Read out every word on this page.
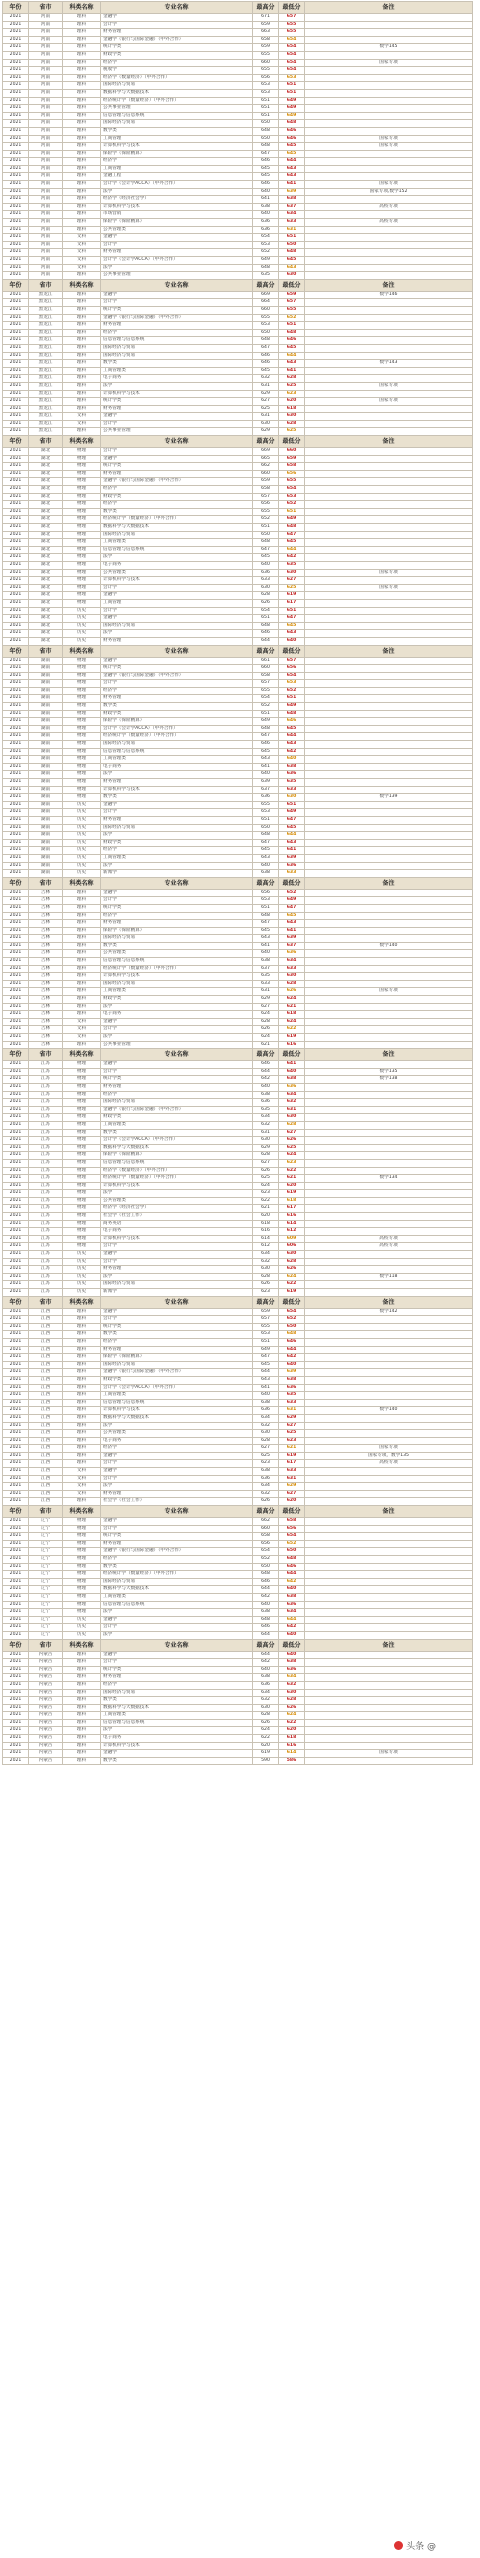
年份	省市	科类名称	专业名称	最高分	最低分	备注
2021	河南	理科	金融学	671	657	
2021	河南	理科	会计学	659	655	
2021	河南	理科	财务管理	663	655	
2021	河南	理科	金融学（银行与国际金融）（中外合作）	658	654	
2021	河南	理科	统计学类	659	654	数学145
2021	河南	理科	财政学类	655	654	
2021	河南	理科	经济学	660	654	国家专项
2021	河南	理科	税收学	655	654	
2021	河南	理科	经济学（数量经济）（中外合作）	656	653	
2021	河南	理科	国际经济与贸易	653	651	
2021	河南	理科	数据科学与大数据技术	653	651	
2021	河南	理科	经济统计学（数量经济）（中外合作）	651	649	
2021	河南	理科	公共事业管理	651	649	
2021	河南	理科	信息管理与信息系统	651	649	
2021	河南	理科	国际经济与贸易	650	648	
2021	河南	理科	数学类	648	646	
2021	河南	理科	工商管理	650	646	国家专项
2021	河南	理科	计算机科学与技术	648	645	国家专项
2021	河南	理科	保险学（保险精算）	647	645	
2021	河南	理科	经济学	646	644	
2021	河南	理科	工商管理	645	643	
2021	河南	理科	金融工程	645	643	
2021	河南	理科	会计学（会计学ACCA）（中外合作）	646	641	国家专项
2021	河南	理科	法学	640	639	国家专项,数学152
2021	河南	理科	经济学（经济社会学）	641	638	
2021	河南	理科	计算机科学与技术	638	637	高校专项
2021	河南	理科	市场营销	640	634	
2021	河南	理科	保险学（保险精算）	636	633	高校专项
2021	河南	理科	公共管理类	636	631	
2021	河南	文科	金融学	654	651	
2021	河南	文科	会计学	653	650	
2021	河南	文科	财务管理	652	648	
2021	河南	文科	会计学（会计学ACCA）（中外合作）	649	645	
2021	河南	文科	法学	648	643	
2021	河南	理科	公共事业管理	635	630	
年份	省市	科类名称	专业名称	最高分	最低分	备注
2021	黑龙江	理科	金融学	669	659	数学146
2021	黑龙江	理科	会计学	664	657	
2021	黑龙江	理科	统计学类	660	655	
2021	黑龙江	理科	金融学（银行与国际金融）（中外合作）	655	652	
2021	黑龙江	理科	财务管理	653	651	
2021	黑龙江	理科	经济学	650	648	
2021	黑龙江	理科	信息管理与信息系统	648	646	
2021	黑龙江	理科	国际经济与贸易	647	645	
2021	黑龙江	理科	国际经济与贸易	646	644	
2021	黑龙江	理科	数学类	646	643	数学143
2021	黑龙江	理科	工商管理类	645	641	
2021	黑龙江	理科	电子商务	632	628	
2021	黑龙江	理科	法学	631	625	国家专项
2021	黑龙江	理科	计算机科学与技术	629	623	
2021	黑龙江	理科	统计学类	627	620	国家专项
2021	黑龙江	理科	财务管理	625	618	
2021	黑龙江	文科	金融学	631	630	
2021	黑龙江	文科	会计学	630	628	
2021	黑龙江	理科	公共事业管理	629	625	
年份	省市	科类名称	专业名称	最高分	最低分	备注
2021	湖北	物理	会计学	669	660	
2021	湖北	物理	金融学	665	659	
2021	湖北	物理	统计学类	662	658	
2021	湖北	物理	财务管理	660	656	
2021	湖北	物理	金融学（银行与国际金融）（中外合作）	659	655	
2021	湖北	物理	经济学	658	654	
2021	湖北	物理	财政学类	657	653	
2021	湖北	物理	经济学	656	652	
2021	湖北	物理	数学类	655	651	
2021	湖北	物理	经济统计学（数量经济）（中外合作）	652	649	
2021	湖北	物理	数据科学与大数据技术	651	648	
2021	湖北	物理	国际经济与贸易	650	647	
2021	湖北	物理	工商管理类	648	645	
2021	湖北	物理	信息管理与信息系统	647	644	
2021	湖北	物理	法学	645	642	
2021	湖北	物理	电子商务	640	635	
2021	湖北	物理	公共管理类	636	630	国家专项
2021	湖北	物理	计算机科学与技术	633	627	
2021	湖北	物理	会计学	630	625	国家专项
2021	湖北	物理	金融学	628	619	
2021	湖北	物理	工商管理	626	617	
2021	湖北	历史	会计学	654	651	
2021	湖北	历史	金融学	651	647	
2021	湖北	历史	国际经济与贸易	648	645	
2021	湖北	历史	法学	646	643	
2021	湖北	历史	财务管理	644	640	
年份	省市	科类名称	专业名称	最高分	最低分	备注
2021	湖南	物理	金融学	661	657	
2021	湖南	物理	统计学类	660	656	
2021	湖南	物理	金融学（银行与国际金融）（中外合作）	658	654	
2021	湖南	物理	会计学	657	653	
2021	湖南	物理	经济学	655	652	
2021	湖南	物理	财务管理	654	651	
2021	湖南	物理	数学类	652	649	
2021	湖南	物理	财政学类	651	648	
2021	湖南	物理	保险学（保险精算）	649	646	
2021	湖南	物理	会计学（会计学ACCA）（中外合作）	648	645	
2021	湖南	物理	经济统计学（数量经济）（中外合作）	647	644	
2021	湖南	物理	国际经济与贸易	646	643	
2021	湖南	物理	信息管理与信息系统	645	642	
2021	湖南	物理	工商管理类	643	640	
2021	湖南	物理	电子商务	641	638	
2021	湖南	物理	法学	640	636	
2021	湖南	物理	财务管理	639	635	
2021	湖南	物理	计算机科学与技术	637	633	
2021	湖南	物理	数学类	636	630	数学139
2021	湖南	历史	金融学	655	651	
2021	湖南	历史	会计学	653	649	
2021	湖南	历史	财务管理	651	647	
2021	湖南	历史	国际经济与贸易	650	645	
2021	湖南	历史	法学	648	644	
2021	湖南	历史	财政学类	647	643	
2021	湖南	历史	经济学	645	641	
2021	湖南	历史	工商管理类	643	639	
2021	湖南	历史	法学	640	636	
2021	湖南	历史	新闻学	638	633	
年份	省市	科类名称	专业名称	最高分	最低分	备注
2021	吉林	理科	金融学	656	652	
2021	吉林	理科	会计学	653	649	
2021	吉林	理科	统计学类	651	647	
2021	吉林	理科	经济学	648	645	
2021	吉林	理科	财务管理	647	643	
2021	吉林	理科	保险学（保险精算）	645	641	
2021	吉林	理科	国际经济与贸易	643	639	
2021	吉林	理科	数学类	641	637	数学140
2021	吉林	理科	公共管理类	640	636	
2021	吉林	理科	信息管理与信息系统	638	634	
2021	吉林	理科	经济统计学（数量经济）（中外合作）	637	633	
2021	吉林	理科	计算机科学与技术	635	630	
2021	吉林	理科	国际经济与贸易	633	628	
2021	吉林	理科	工商管理类	631	626	国家专项
2021	吉林	理科	财政学类	629	624	
2021	吉林	理科	法学	627	621	
2021	吉林	理科	电子商务	624	618	
2021	吉林	文科	金融学	628	624	
2021	吉林	文科	会计学	626	622	
2021	吉林	文科	法学	624	619	
2021	吉林	理科	公共事业管理	621	616	
年份	省市	科类名称	专业名称	最高分	最低分	备注
2021	江苏	物理	金融学	646	641	
2021	江苏	物理	会计学	644	640	数学135
2021	江苏	物理	统计学类	642	638	数学138
2021	江苏	物理	财务管理	640	636	
2021	江苏	物理	经济学	638	634	
2021	江苏	物理	国际经济与贸易	636	632	
2021	江苏	物理	金融学（银行与国际金融）（中外合作）	635	631	
2021	江苏	物理	财政学类	634	630	
2021	江苏	物理	工商管理类	632	628	
2021	江苏	物理	数学类	631	627	
2021	江苏	物理	会计学（会计学ACCA）（中外合作）	630	626	
2021	江苏	物理	数据科学与大数据技术	629	625	
2021	江苏	物理	保险学（保险精算）	628	624	
2021	江苏	物理	信息管理与信息系统	627	623	
2021	江苏	物理	经济学（数量经济）（中外合作）	626	622	
2021	江苏	物理	经济统计学（数量经济）（中外合作）	625	621	数学134
2021	江苏	物理	计算机科学与技术	624	620	
2021	江苏	物理	法学	623	619	
2021	江苏	物理	公共管理类	622	618	
2021	江苏	物理	经济学（经济社会学）	621	617	
2021	江苏	物理	社会学（社会工作）	620	616	
2021	江苏	物理	商务英语	618	614	
2021	江苏	物理	电子商务	616	612	
2021	江苏	物理	计算机科学与技术	614	609	高校专项
2021	江苏	物理	会计学	612	606	高校专项
2021	江苏	历史	金融学	634	630	
2021	江苏	历史	会计学	632	628	
2021	江苏	历史	财务管理	630	626	
2021	江苏	历史	法学	628	624	数学118
2021	江苏	历史	国际经济与贸易	626	622	
2021	江苏	历史	新闻学	623	619	
年份	省市	科类名称	专业名称	最高分	最低分	备注
2021	江西	理科	金融学	659	654	数学142
2021	江西	理科	会计学	657	652	
2021	江西	理科	统计学类	655	650	
2021	江西	理科	数学类	653	648	
2021	江西	理科	经济学	651	646	
2021	江西	理科	财务管理	649	644	
2021	江西	理科	保险学（保险精算）	647	642	
2021	江西	理科	国际经济与贸易	645	640	
2021	江西	理科	金融学（银行与国际金融）（中外合作）	644	639	
2021	江西	理科	财政学类	643	638	
2021	江西	理科	会计学（会计学ACCA）（中外合作）	641	636	
2021	江西	理科	工商管理类	640	635	
2021	江西	理科	信息管理与信息系统	638	633	
2021	江西	理科	计算机科学与技术	636	631	数学140
2021	江西	理科	数据科学与大数据技术	634	629	
2021	江西	理科	法学	632	627	
2021	江西	理科	公共管理类	630	625	
2021	江西	理科	电子商务	628	623	
2021	江西	理科	经济学	627	621	国家专项
2021	江西	理科	金融学	625	619	国家专项，数学135
2021	江西	理科	会计学	623	617	高校专项
2021	江西	文科	金融学	638	633	
2021	江西	文科	会计学	636	631	
2021	江西	文科	法学	634	629	
2021	江西	文科	财务管理	632	627	
2021	江西	理科	社会学（社会工作）	626	620	
年份	省市	科类名称	专业名称	最高分	最低分	备注
2021	辽宁	物理	金融学	662	658	
2021	辽宁	物理	会计学	660	656	
2021	辽宁	物理	统计学类	658	654	
2021	辽宁	物理	财务管理	656	652	
2021	辽宁	物理	金融学（银行与国际金融）（中外合作）	654	650	
2021	辽宁	物理	经济学	652	648	
2021	辽宁	物理	数学类	650	646	
2021	辽宁	物理	经济统计学（数量经济）（中外合作）	648	644	
2021	辽宁	物理	国际经济与贸易	646	642	
2021	辽宁	物理	数据科学与大数据技术	644	640	
2021	辽宁	物理	工商管理类	642	638	
2021	辽宁	物理	信息管理与信息系统	640	636	
2021	辽宁	物理	法学	638	634	
2021	辽宁	历史	金融学	648	644	
2021	辽宁	历史	会计学	646	642	
2021	辽宁	历史	法学	644	640	
年份	省市	科类名称	专业名称	最高分	最低分	备注
2021	内蒙古	理科	金融学	644	640	
2021	内蒙古	理科	会计学	642	638	
2021	内蒙古	理科	统计学类	640	636	
2021	内蒙古	理科	财务管理	638	634	
2021	内蒙古	理科	经济学	636	632	
2021	内蒙古	理科	国际经济与贸易	634	630	
2021	内蒙古	理科	数学类	632	628	
2021	内蒙古	理科	数据科学与大数据技术	630	626	
2021	内蒙古	理科	工商管理类	628	624	
2021	内蒙古	理科	信息管理与信息系统	626	622	
2021	内蒙古	理科	法学	624	620	
2021	内蒙古	理科	电子商务	622	618	
2021	内蒙古	理科	计算机科学与技术	620	616	
2021	内蒙古	理科	金融学	619	614	国家专项
2021	内蒙古	理科	数学类	590	586	
头条 @
